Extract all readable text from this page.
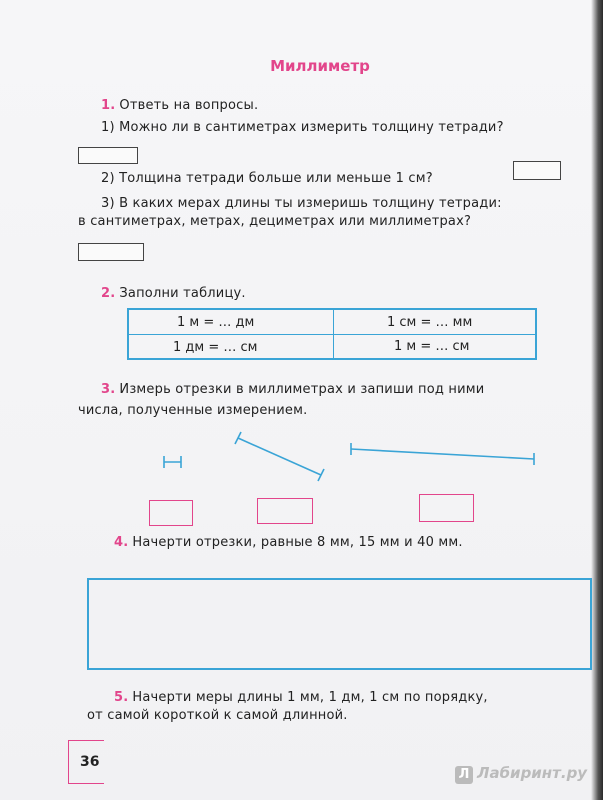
Миллиметр
1. Ответь на вопросы.
1) Можно ли в сантиметрах измерить толщину тетради?
2) Толщина тетради больше или меньше 1 см?
3) В каких мерах длины ты измеришь толщину тетради:
в сантиметрах, метрах, дециметрах или миллиметрах?
2. Заполни таблицу.
1 м = … дм	1 см = … мм
1 дм = … см	1 м = … см
3. Измерь отрезки в миллиметрах и запиши под ними
числа, полученные измерением.
4. Начерти отрезки, равные 8 мм, 15 мм и 40 мм.
5. Начерти меры длины 1 мм, 1 дм, 1 см по порядку,
от самой короткой к самой длинной.
36
Л Лабиринт.ру
